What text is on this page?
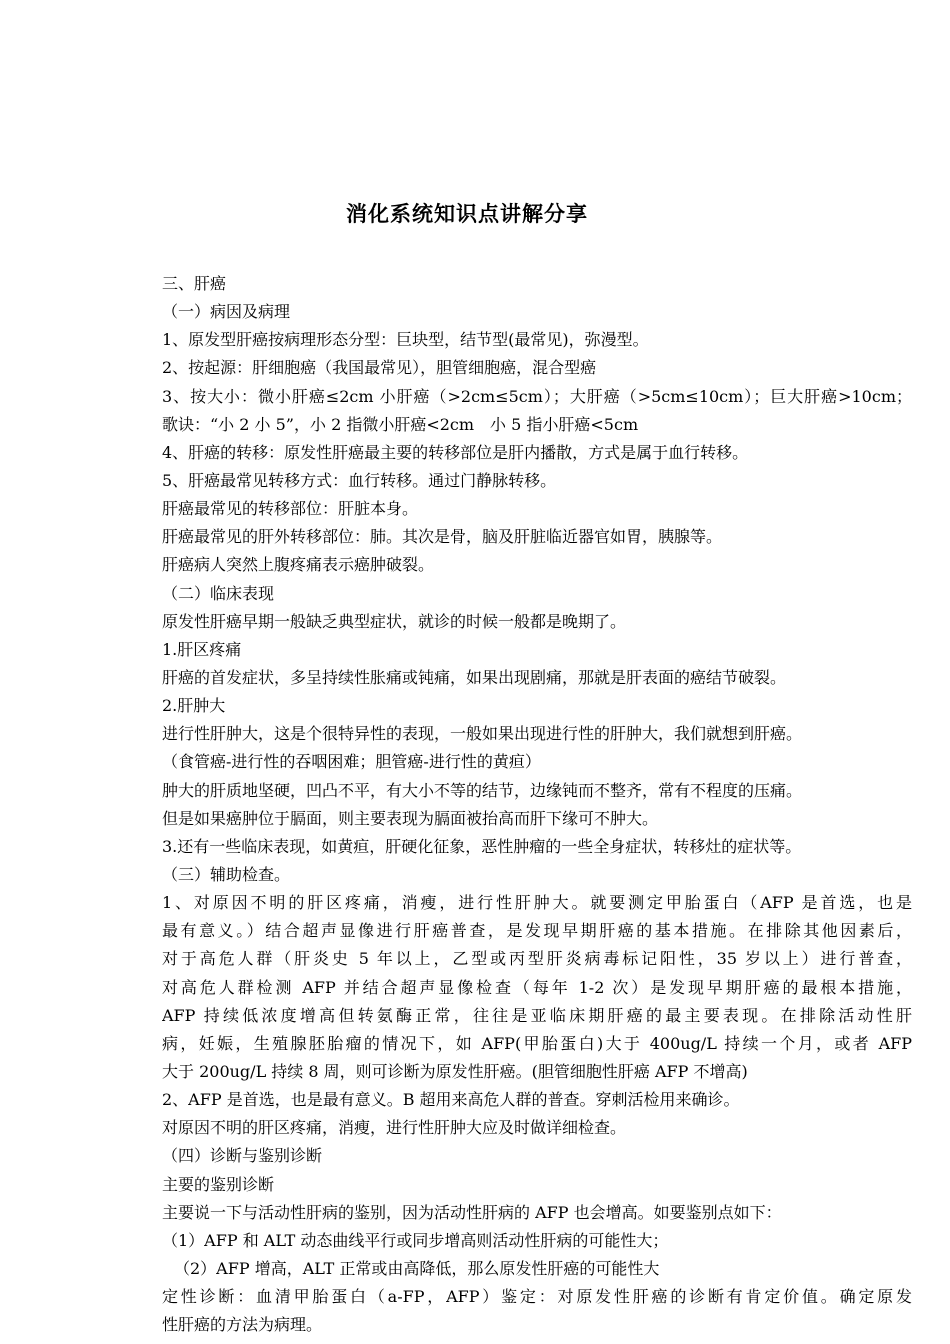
消化系统知识点讲解分享
三、肝癌
（一）病因及病理
1、原发型肝癌按病理形态分型：巨块型，结节型(最常见)，弥漫型。
2、按起源：肝细胞癌（我国最常见），胆管细胞癌，混合型癌
3、按大小：微小肝癌≤2cm 小肝癌（>2cm≤5cm）；大肝癌（>5cm≤10cm）；巨大肝癌>10cm；
歌诀：“小 2 小 5”，小 2 指微小肝癌<2cm　小 5 指小肝癌<5cm
4、肝癌的转移：原发性肝癌最主要的转移部位是肝内播散，方式是属于血行转移。
5、肝癌最常见转移方式：血行转移。通过门静脉转移。
肝癌最常见的转移部位：肝脏本身。
肝癌最常见的肝外转移部位：肺。其次是骨，脑及肝脏临近器官如胃，胰腺等。
肝癌病人突然上腹疼痛表示癌肿破裂。
（二）临床表现
原发性肝癌早期一般缺乏典型症状，就诊的时候一般都是晚期了。
1.肝区疼痛
肝癌的首发症状，多呈持续性胀痛或钝痛，如果出现剧痛，那就是肝表面的癌结节破裂。
2.肝肿大
进行性肝肿大，这是个很特异性的表现，一般如果出现进行性的肝肿大，我们就想到肝癌。
（食管癌-进行性的吞咽困难；胆管癌-进行性的黄疸）
肿大的肝质地坚硬，凹凸不平，有大小不等的结节，边缘钝而不整齐，常有不程度的压痛。
但是如果癌肿位于膈面，则主要表现为膈面被抬高而肝下缘可不肿大。
3.还有一些临床表现，如黄疸，肝硬化征象，恶性肿瘤的一些全身症状，转移灶的症状等。
（三）辅助检查。
1、对原因不明的肝区疼痛，消瘦，进行性肝肿大。就要测定甲胎蛋白（AFP 是首选，也是
最有意义。）结合超声显像进行肝癌普查，是发现早期肝癌的基本措施。在排除其他因素后，
对于高危人群（肝炎史 5 年以上，乙型或丙型肝炎病毒标记阳性，35 岁以上）进行普查，
对高危人群检测 AFP 并结合超声显像检查（每年 1-2 次）是发现早期肝癌的最根本措施，
AFP 持续低浓度增高但转氨酶正常，往往是亚临床期肝癌的最主要表现。在排除活动性肝
病，妊娠，生殖腺胚胎瘤的情况下，如 AFP(甲胎蛋白)大于 400ug/L 持续一个月，或者 AFP
大于 200ug/L 持续 8 周，则可诊断为原发性肝癌。(胆管细胞性肝癌 AFP 不增高)
2、AFP 是首选，也是最有意义。B 超用来高危人群的普查。穿刺活检用来确诊。
对原因不明的肝区疼痛，消瘦，进行性肝肿大应及时做详细检查。
（四）诊断与鉴别诊断
主要的鉴别诊断
主要说一下与活动性肝病的鉴别，因为活动性肝病的 AFP 也会增高。如要鉴别点如下：
（1）AFP 和 ALT 动态曲线平行或同步增高则活动性肝病的可能性大；
（2）AFP 增高，ALT 正常或由高降低，那么原发性肝癌的可能性大
定性诊断：血清甲胎蛋白（a-FP，AFP）鉴定：对原发性肝癌的诊断有肯定价值。确定原发
性肝癌的方法为病理。
